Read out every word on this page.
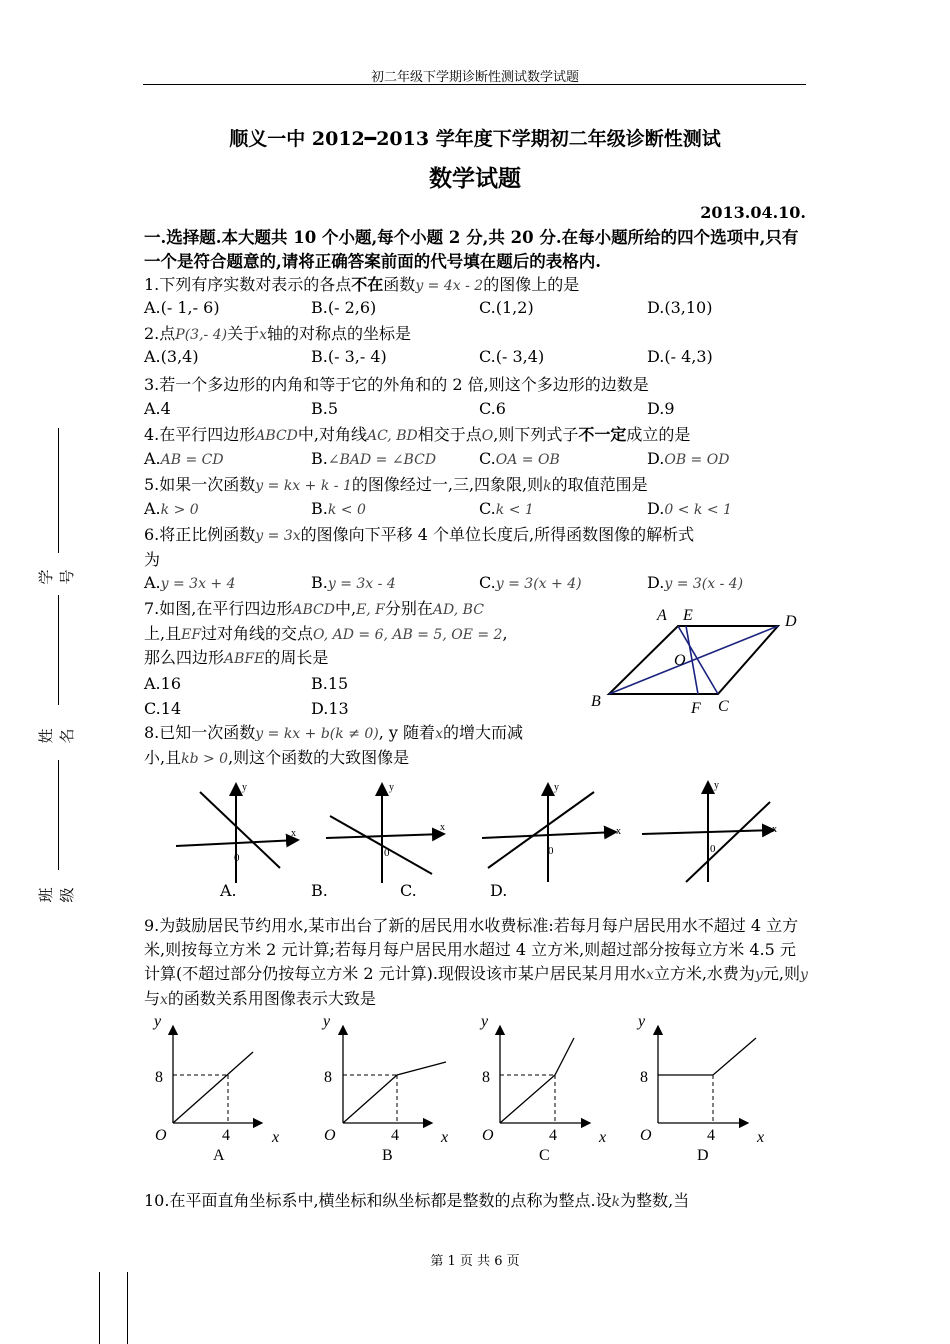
初二年级下学期诊断性测试数学试题
顺义一中 2012━2013 学年度下学期初二年级诊断性测试
数学试题
2013.04.10.
一.选择题.本大题共 10 个小题,每个小题 2 分,共 20 分.在每小题所给的四个选项中,只有一个是符合题意的,请将正确答案前面的代号填在题后的表格内.
1.下列有序实数对表示的各点不在函数y = 4x - 2的图像上的是
A.(- 1,- 6)	B.(- 2,6)	C.(1,2)	D.(3,10)
2.点P(3,- 4)关于x轴的对称点的坐标是
A.(3,4)	B.(- 3,- 4)	C.(- 3,4)	D.(- 4,3)
3.若一个多边形的内角和等于它的外角和的 2 倍,则这个多边形的边数是
A.4	B.5	C.6	D.9
4.在平行四边形ABCD中,对角线AC, BD相交于点O,则下列式子不一定成立的是
A.AB = CD	B.∠BAD = ∠BCD	C.OA = OB	D.OB = OD
5.如果一次函数y = kx + k - 1的图像经过一,三,四象限,则k的取值范围是
A.k > 0	B.k < 0	C.k < 1	D.0 < k < 1
6.将正比例函数y = 3x的图像向下平移 4 个单位长度后,所得函数图像的解析式
为
A.y = 3x + 4	B.y = 3x - 4	C.y = 3(x + 4)	D.y = 3(x - 4)
7.如图,在平行四边形ABCD中,E, F分别在AD, BC
上,且EF过对角线的交点O, AD = 6, AB = 5, OE = 2,
那么四边形ABFE的周长是
A.16	B.15
C.14	D.13
A E	D
O
B	F C
8.已知一次函数y = kx + b(k ≠ 0), y 随着x的增大而减
小,且kb > 0,则这个函数的大致图像是
y
x
0
y
x
0
y
x
0
y
x
0
A.	B.	C.	D.
9.为鼓励居民节约用水,某市出台了新的居民用水收费标准:若每月每户居民用水不超过 4 立方米,则按每立方米 2 元计算;若每月每户居民用水超过 4 立方米,则超过部分按每立方米 4.5 元计算(不超过部分仍按每立方米 2 元计算).现假设该市某户居民某月用水x立方米,水费为y元,则y与x的函数关系用图像表示大致是
y
8
O	4	x
A
y
8
O	4	x
B
y
8
O	4	x
C
y
8
O	4	x
D
10.在平面直角坐标系中,横坐标和纵坐标都是整数的点称为整点.设k为整数,当
学号
姓名
班级
第 1 页 共 6 页
